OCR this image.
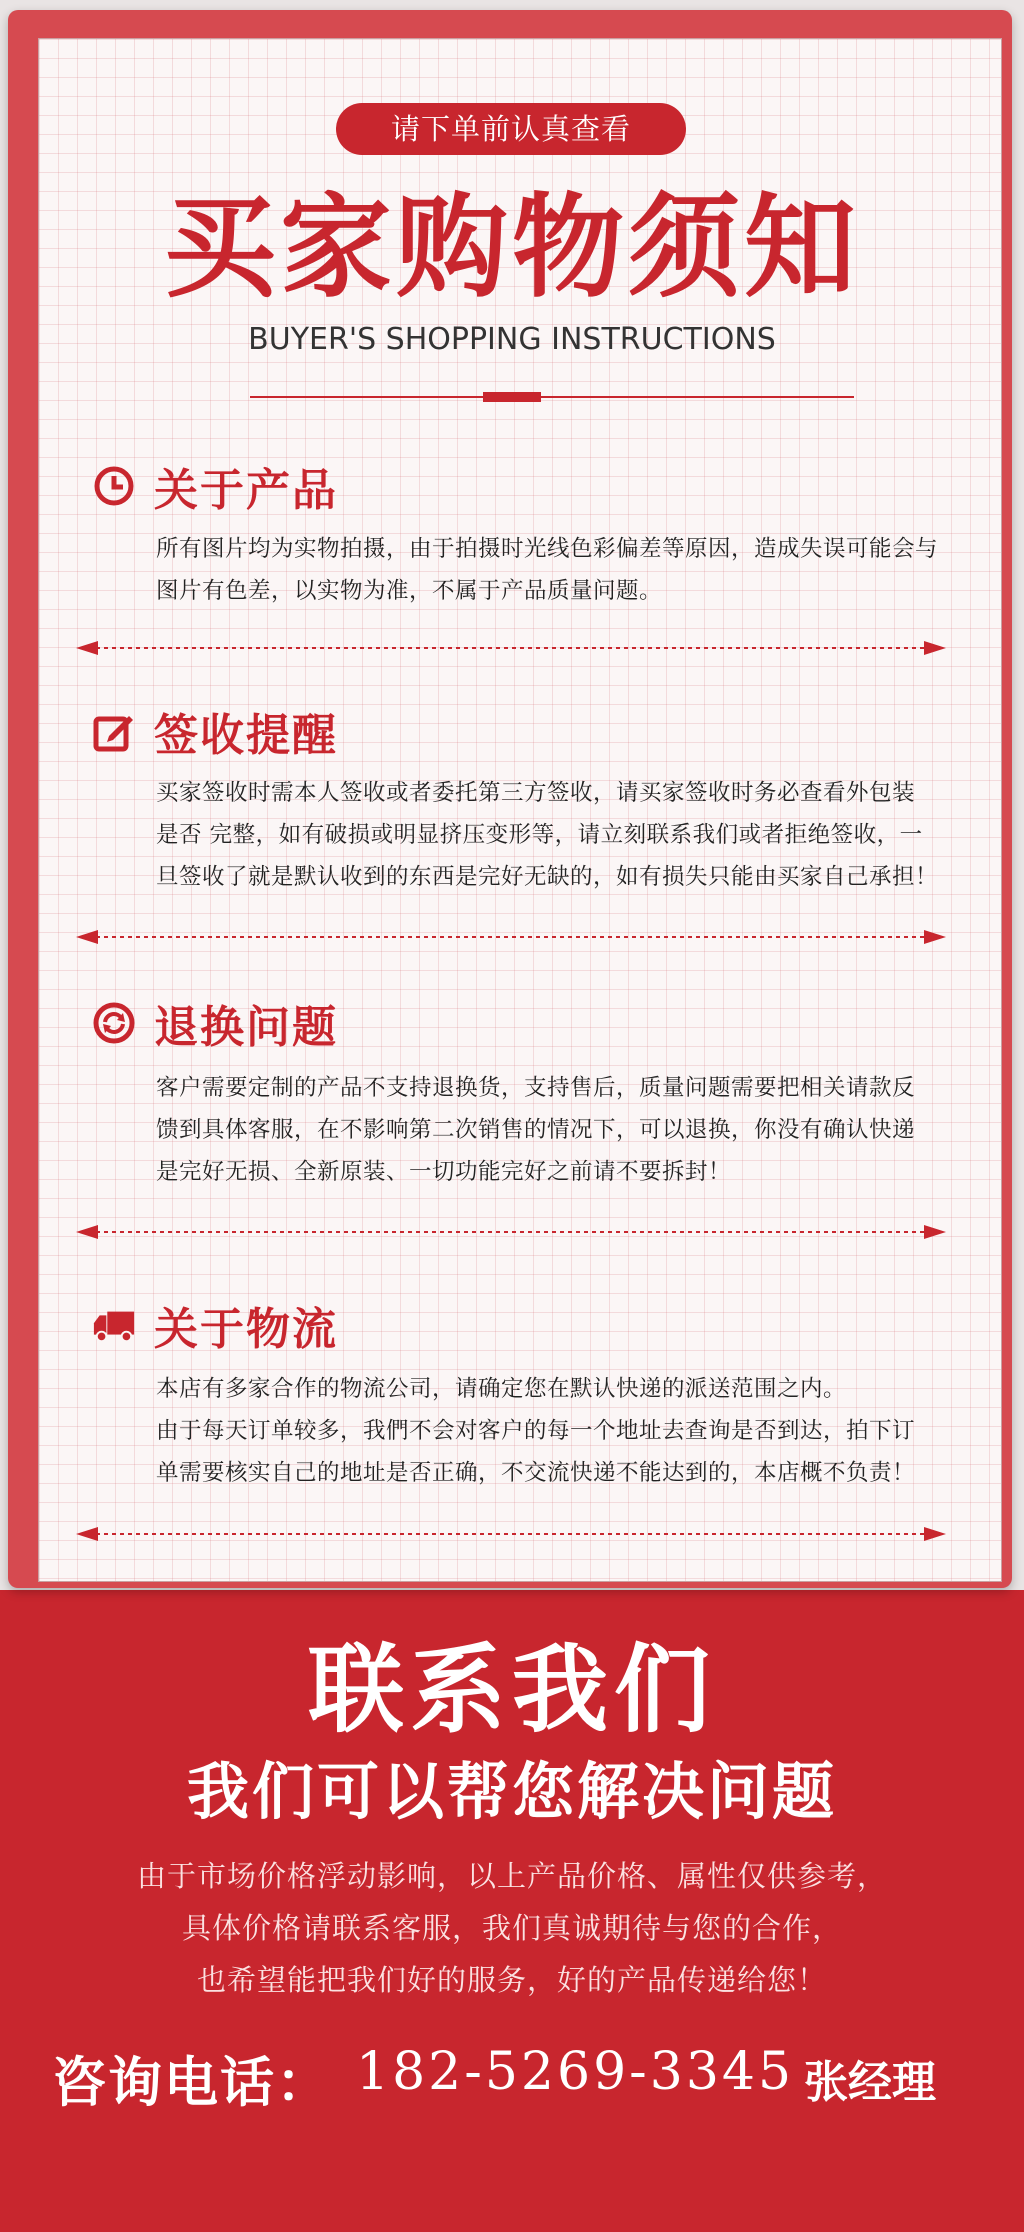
请下单前认真查看
买家购物须知
BUYER'S SHOPPING INSTRUCTIONS
关于产品

所有图片均为实物拍摄，由于拍摄时光线色彩偏差等原因，造成失误可能会与

图片有色差，以实物为准，不属于产品质量问题。

签收提醒

买家签收时需本人签收或者委托第三方签收，请买家签收时务必查看外包装

是否 完整，如有破损或明显挤压变形等，请立刻联系我们或者拒绝签收，一

旦签收了就是默认收到的东西是完好无缺的，如有损失只能由买家自己承担！

退换问题

客户需要定制的产品不支持退换货，支持售后，质量问题需要把相关请款反

馈到具体客服，在不影响第二次销售的情况下，可以退换，你没有确认快递

是完好无损、全新原装、一切功能完好之前请不要拆封！

关于物流

本店有多家合作的物流公司，请确定您在默认快递的派送范围之内。

由于每天订单较多，我們不会对客户的每一个地址去查询是否到达，拍下订

单需要核实自己的地址是否正确，不交流快递不能达到的，本店概不负责！

联系我们
我们可以帮您解决问题

由于市场价格浮动影响，以上产品价格、属性仅供参考，

具体价格请联系客服，我们真诚期待与您的合作，

也希望能把我们好的服务，好的产品传递给您！

咨询电话： 182-5269-3345 张经理
